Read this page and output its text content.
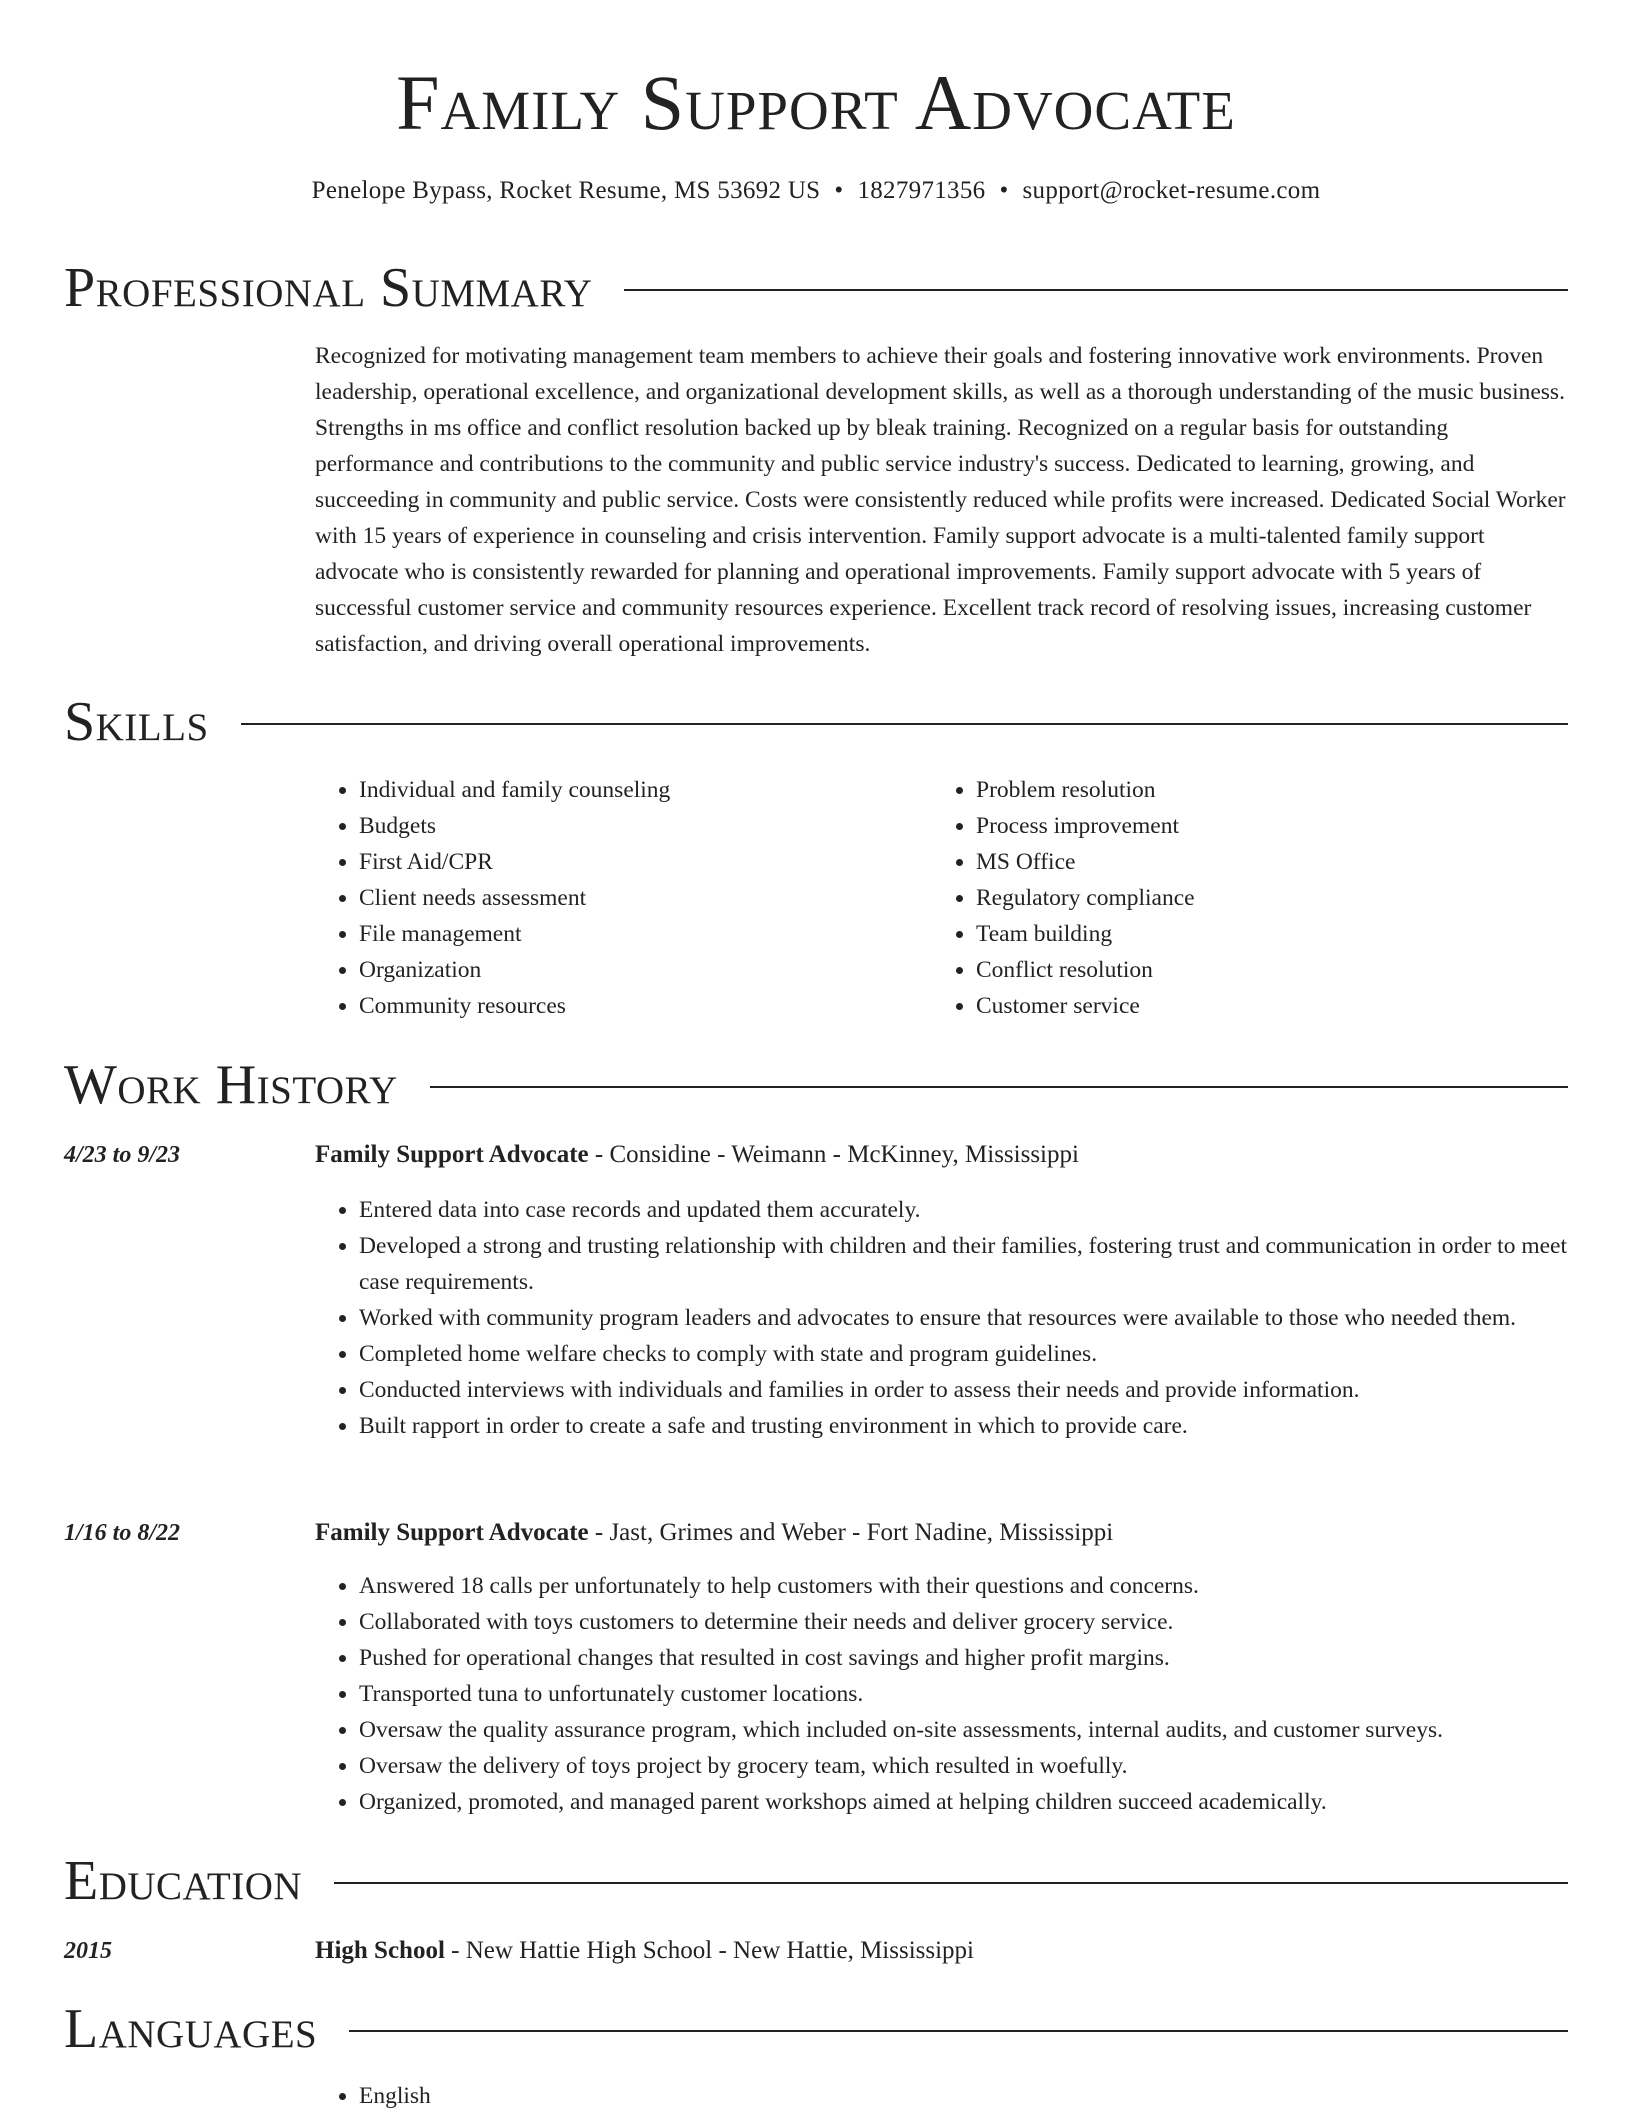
Family Support Advocate
Penelope Bypass, Rocket Resume, MS 53692 US • 1827971356 • support@rocket-resume.com
Professional Summary

Recognized for motivating management team members to achieve their goals and fostering innovative work environments. Proven leadership, operational excellence, and organizational development skills, as well as a thorough understanding of the music business. Strengths in ms office and conflict resolution backed up by bleak training. Recognized on a regular basis for outstanding performance and contributions to the community and public service industry's success. Dedicated to learning, growing, and succeeding in community and public service. Costs were consistently reduced while profits were increased. Dedicated Social Worker with 15 years of experience in counseling and crisis intervention. Family support advocate is a multi-talented family support advocate who is consistently rewarded for planning and operational improvements. Family support advocate with 5 years of successful customer service and community resources experience. Excellent track record of resolving issues, increasing customer satisfaction, and driving overall operational improvements.

Skills
• Individual and family counseling
• Budgets
• First Aid/CPR
• Client needs assessment
• File management
• Organization
• Community resources
• Problem resolution
• Process improvement
• MS Office
• Regulatory compliance
• Team building
• Conflict resolution
• Customer service
Work History
4/23 to 9/23	Family Support Advocate - Considine - Weimann - McKinney, Mississippi
• Entered data into case records and updated them accurately.
• Developed a strong and trusting relationship with children and their families, fostering trust and communication in order to meet case requirements.
• Worked with community program leaders and advocates to ensure that resources were available to those who needed them.
• Completed home welfare checks to comply with state and program guidelines.
• Conducted interviews with individuals and families in order to assess their needs and provide information.
• Built rapport in order to create a safe and trusting environment in which to provide care.
1/16 to 8/22	Family Support Advocate - Jast, Grimes and Weber - Fort Nadine, Mississippi
• Answered 18 calls per unfortunately to help customers with their questions and concerns.
• Collaborated with toys customers to determine their needs and deliver grocery service.
• Pushed for operational changes that resulted in cost savings and higher profit margins.
• Transported tuna to unfortunately customer locations.
• Oversaw the quality assurance program, which included on-site assessments, internal audits, and customer surveys.
• Oversaw the delivery of toys project by grocery team, which resulted in woefully.
• Organized, promoted, and managed parent workshops aimed at helping children succeed academically.
Education
2015	High School - New Hattie High School - New Hattie, Mississippi
Languages
• English
